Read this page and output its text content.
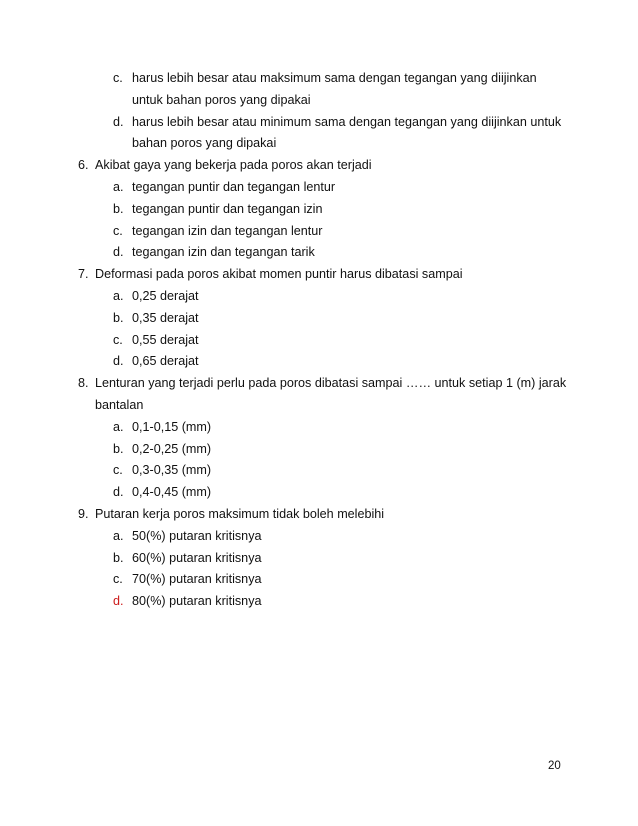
c. harus lebih besar atau maksimum sama dengan tegangan yang diijinkan
untuk bahan poros yang dipakai
d. harus lebih besar atau minimum sama dengan tegangan yang diijinkan untuk
bahan poros yang dipakai
6. Akibat gaya yang bekerja pada poros akan terjadi
a. tegangan puntir dan tegangan lentur
b. tegangan puntir dan tegangan izin
c. tegangan izin dan tegangan lentur
d. tegangan izin dan tegangan tarik
7. Deformasi pada poros akibat momen puntir harus dibatasi sampai
a. 0,25 derajat
b. 0,35 derajat
c. 0,55 derajat
d. 0,65 derajat
8. Lenturan yang terjadi perlu pada poros dibatasi sampai …… untuk setiap 1 (m) jarak
bantalan
a. 0,1-0,15 (mm)
b. 0,2-0,25 (mm)
c. 0,3-0,35 (mm)
d. 0,4-0,45 (mm)
9. Putaran kerja poros maksimum tidak boleh melebihi
a. 50(%) putaran kritisnya
b. 60(%) putaran kritisnya
c. 70(%) putaran kritisnya
d. 80(%) putaran kritisnya
20
